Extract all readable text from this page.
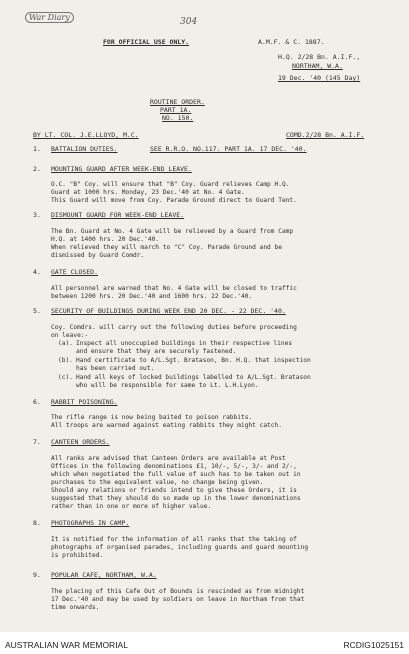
War Diary	304
FOR OFFICIAL USE ONLY.	A.M.F. & C. 1887.
H.Q. 2/28 Bn. A.I.F.,
NORTHAM, W.A.
19 Dec. '40 (145 Day)
ROUTINE ORDER.
PART 1A.
NO. 150.
BY LT. COL. J.E.LLOYD, M.C.	COMD.2/28 Bn. A.I.F.
1. BATTALION DUTIES.	SEE R.R.O. NO.117. PART 1A. 17 DEC. '40.
2. MOUNTING GUARD AFTER WEEK-END LEAVE.
O.C. "B" Coy. will ensure that "B" Coy. Guard relieves Camp H.Q.
Guard at 1000 hrs. Monday, 23 Dec.'40 at No. 4 Gate.
This Guard will move from Coy. Parade Ground direct to Guard Tent.
3. DISMOUNT GUARD FOR WEEK-END LEAVE.
The Bn. Guard at No. 4 Gate will be relieved by a Guard from Camp
H.Q. at 1400 hrs. 20 Dec.'40.
When relieved they will march to "C" Coy. Parade Ground and be
dismissed by Guard Comdr.
4. GATE CLOSED.
All personnel are warned that No. 4 Gate will be closed to traffic
between 1200 hrs. 20 Dec.'40 and 1600 hrs. 22 Dec.'40.
5. SECURITY OF BUILDINGS DURING WEEK END 20 DEC. - 22 DEC. '40.
Coy. Comdrs. will carry out the following duties before proceeding
on leave:-
(a). Inspect all unoccupied buildings in their respective lines
and ensure that they are securely fastened.
(b). Hand certificate to A/L.Sgt. Bratason, Bn. H.Q. that inspection
has been carried out.
(c). Hand all keys of locked buildings labelled to A/L.Sgt. Bratason
who will be responsible for same to Lt. L.H.Lyon.
6. RABBIT POISONING.
The rifle range is now being baited to poison rabbits.
All troops are warned against eating rabbits they might catch.
7. CANTEEN ORDERS.
All ranks are advised that Canteen Orders are available at Post
Offices in the following denominations £1, 10/-, 5/-, 3/- and 2/-,
which when negotiated the full value of such has to be taken out in
purchases to the equivalent value, no change being given.
Should any relations or friends intend to give these Orders, it is
suggested that they should do so made up in the lower denominations
rather than in one or more of higher value.
8. PHOTOGRAPHS IN CAMP.
It is notified for the information of all ranks that the taking of
photographs of organised parades, including guards and guard mounting
is prohibited.
9. POPULAR CAFE, NORTHAM, W.A.
The placing of this Cafe Out of Bounds is rescinded as from midnight
17 Dec.'40 and may be used by soldiers on leave in Northam from that
time onwards.
AUSTRALIAN WAR MEMORIAL	RCDIG1025151
